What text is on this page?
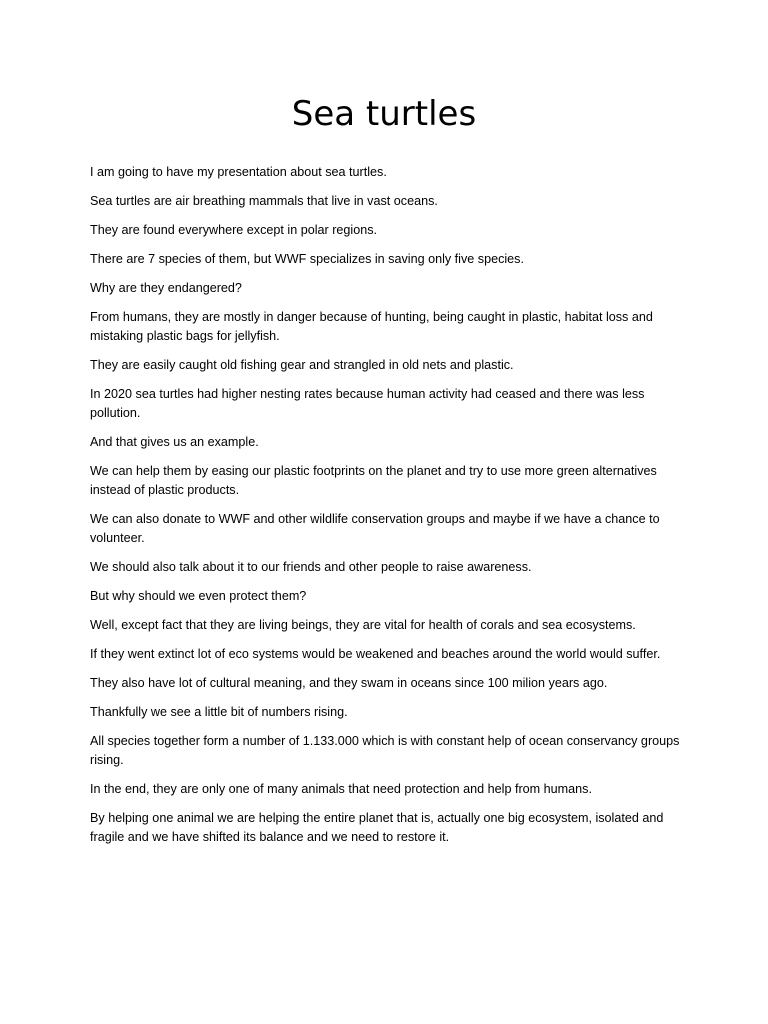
Sea turtles

I am going to have my presentation about sea turtles.

Sea turtles are air breathing mammals that live in vast oceans.

They are found everywhere except in polar regions.

There are 7 species of them, but WWF specializes in saving only five species.

Why are they endangered?

From humans, they are mostly in danger because of hunting, being caught in plastic, habitat loss and mistaking plastic bags for jellyfish.

They are easily caught old fishing gear and strangled in old nets and plastic.

In 2020 sea turtles had higher nesting rates because human activity had ceased and there was less pollution.

And that gives us an example.

We can help them by easing our plastic footprints on the planet and try to use more green alternatives instead of plastic products.

We can also donate to WWF and other wildlife conservation groups and maybe if we have a chance to volunteer.

We should also talk about it to our friends and other people to raise awareness.

But why should we even protect them?

Well, except fact that they are living beings, they are vital for health of corals and sea ecosystems.

If they went extinct lot of eco systems would be weakened and beaches around the world would suffer.

They also have lot of cultural meaning, and they swam in oceans since 100 milion years ago.

Thankfully we see a little bit of numbers rising.

All species together form a number of 1.133.000 which is with constant help of ocean conservancy groups rising.

In the end, they are only one of many animals that need protection and help from humans.

By helping one animal we are helping the entire planet that is, actually one big ecosystem, isolated and fragile and we have shifted its balance and we need to restore it.
